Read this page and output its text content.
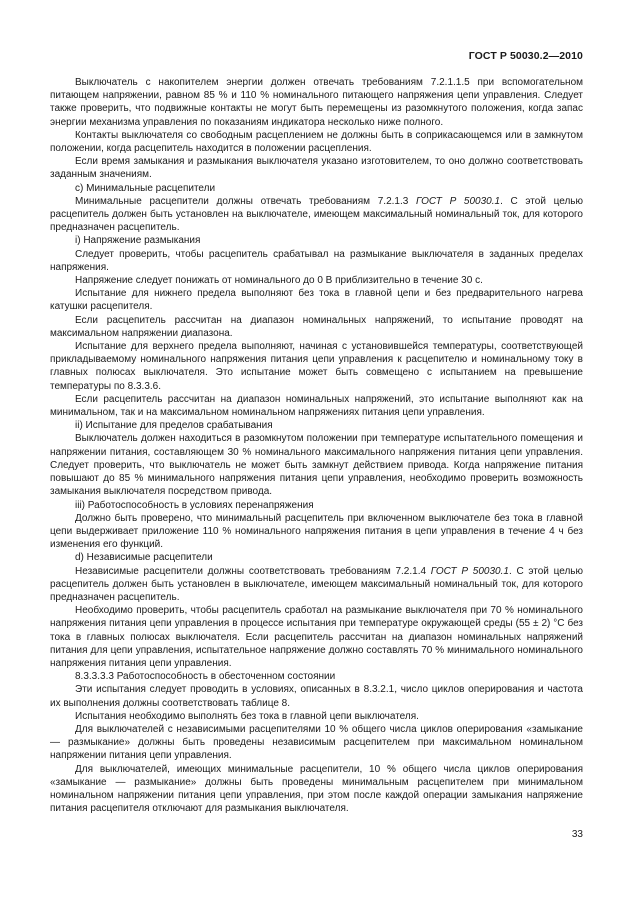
ГОСТ Р 50030.2—2010

Выключатель с накопителем энергии должен отвечать требованиям 7.2.1.1.5 при вспомогательном питающем напряжении, равном 85 % и 110 % номинального питающего напряжения цепи управления. Следует также проверить, что подвижные контакты не могут быть перемещены из разомкнутого положения, когда запас энергии механизма управления по показаниям индикатора несколько ниже полного.

Контакты выключателя со свободным расцеплением не должны быть в соприкасающемся или в замкнутом положении, когда расцепитель находится в положении расцепления.

Если время замыкания и размыкания выключателя указано изготовителем, то оно должно соответствовать заданным значениям.

c) Минимальные расцепители

Минимальные расцепители должны отвечать требованиям 7.2.1.3 ГОСТ Р 50030.1. С этой целью расцепитель должен быть установлен на выключателе, имеющем максимальный номинальный ток, для которого предназначен расцепитель.

i) Напряжение размыкания

Следует проверить, чтобы расцепитель срабатывал на размыкание выключателя в заданных пределах напряжения.

Напряжение следует понижать от номинального до 0 В приблизительно в течение 30 с.

Испытание для нижнего предела выполняют без тока в главной цепи и без предварительного нагрева катушки расцепителя.

Если расцепитель рассчитан на диапазон номинальных напряжений, то испытание проводят на максимальном напряжении диапазона.

Испытание для верхнего предела выполняют, начиная с установившейся температуры, соответствующей прикладываемому номинального напряжения питания цепи управления к расцепителю и номинальному току в главных полюсах выключателя. Это испытание может быть совмещено с испытанием на превышение температуры по 8.3.3.6.

Если расцепитель рассчитан на диапазон номинальных напряжений, это испытание выполняют как на минимальном, так и на максимальном номинальном напряжениях питания цепи управления.

ii) Испытание для пределов срабатывания

Выключатель должен находиться в разомкнутом положении при температуре испытательного помещения и напряжении питания, составляющем 30 % номинального максимального напряжения питания цепи управления. Следует проверить, что выключатель не может быть замкнут действием привода. Когда напряжение питания повышают до 85 % минимального напряжения питания цепи управления, необходимо проверить возможность замыкания выключателя посредством привода.

iii) Работоспособность в условиях перенапряжения

Должно быть проверено, что минимальный расцепитель при включенном выключателе без тока в главной цепи выдерживает приложение 110 % номинального напряжения питания в цепи управления в течение 4 ч без изменения его функций.

d) Независимые расцепители

Независимые расцепители должны соответствовать требованиям 7.2.1.4 ГОСТ Р 50030.1. С этой целью расцепитель должен быть установлен в выключателе, имеющем максимальный номинальный ток, для которого предназначен расцепитель.

Необходимо проверить, чтобы расцепитель сработал на размыкание выключателя при 70 % номинального напряжения питания цепи управления в процессе испытания при температуре окружающей среды (55 ± 2) °С без тока в главных полюсах выключателя. Если расцепитель рассчитан на диапазон номинальных напряжений питания для цепи управления, испытательное напряжение должно составлять 70 % минимального номинального напряжения питания цепи управления.

8.3.3.3.3 Работоспособность в обесточенном состоянии

Эти испытания следует проводить в условиях, описанных в 8.3.2.1, число циклов оперирования и частота их выполнения должны соответствовать таблице 8.

Испытания необходимо выполнять без тока в главной цепи выключателя.

Для выключателей с независимыми расцепителями 10 % общего числа циклов оперирования «замыкание — размыкание» должны быть проведены независимым расцепителем при максимальном номинальном напряжении питания цепи управления.

Для выключателей, имеющих минимальные расцепители, 10 % общего числа циклов оперирования «замыкание — размыкание» должны быть проведены минимальным расцепителем при минимальном номинальном напряжении питания цепи управления, при этом после каждой операции замыкания напряжение питания расцепителя отключают для размыкания выключателя.

33
